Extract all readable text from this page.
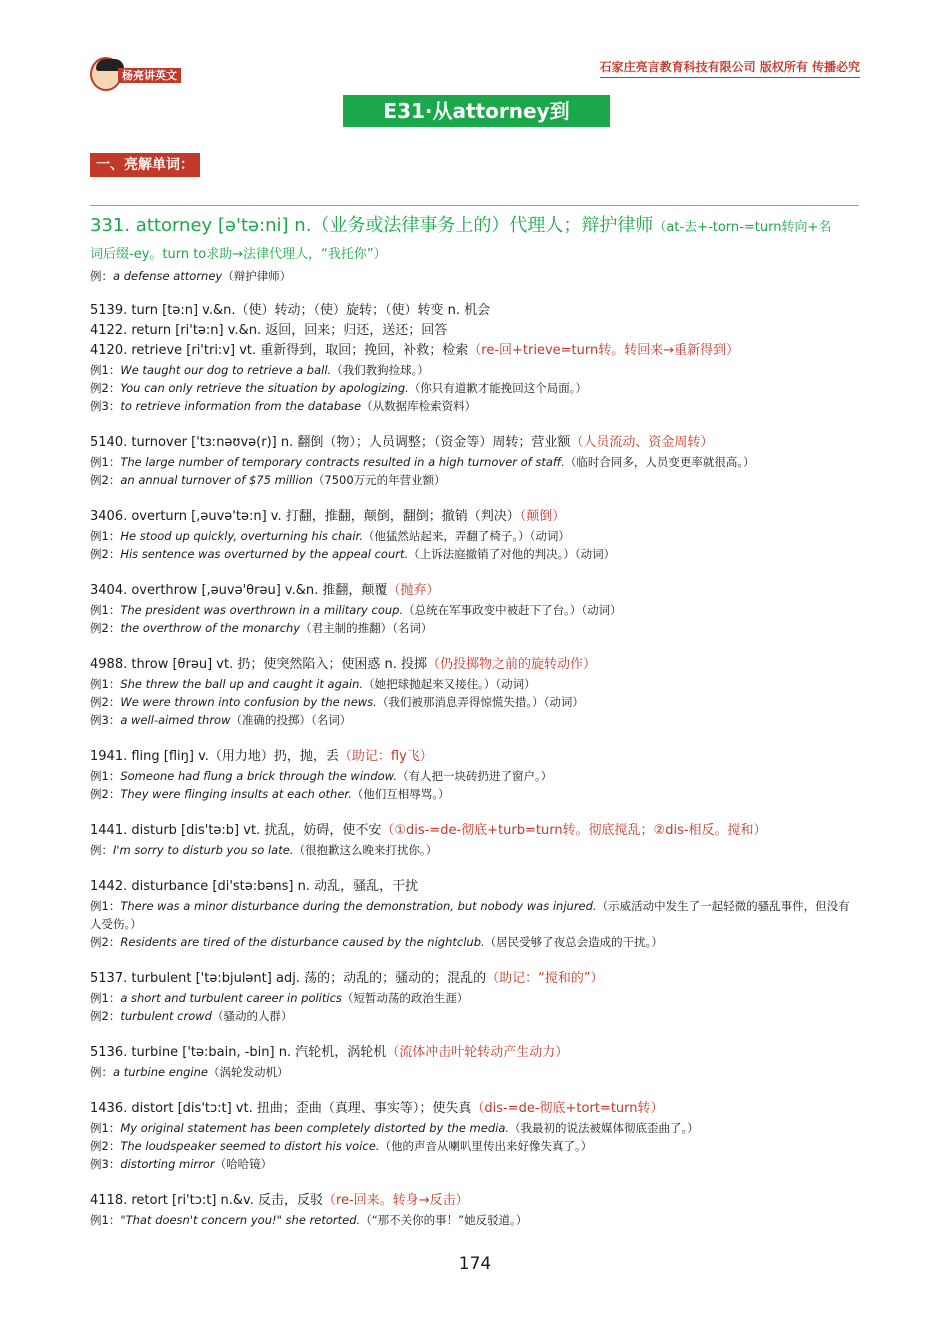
杨亮讲英文
石家庄亮言教育科技有限公司 版权所有 传播必究
E31·从attorney到auction
一、亮解单词：

331. attorney [ə'tə:ni] n.（业务或法律事务上的）代理人；辩护律师（at-去+-torn-=turn转向+名

词后缀-ey。turn to求助→法律代理人，“我托你”）

例：a defense attorney（辩护律师）

5139. turn [tə:n] v.&n.（使）转动；（使）旋转；（使）转变 n. 机会

4122. return [ri'tə:n] v.&n. 返回，回来；归还，送还；回答

4120. retrieve [ri'tri:v] vt. 重新得到，取回；挽回，补救；检索（re-回+trieve=turn转。转回来→重新得到）

例1：We taught our dog to retrieve a ball.（我们教狗捡球。）

例2：You can only retrieve the situation by apologizing.（你只有道歉才能挽回这个局面。）

例3：to retrieve information from the database（从数据库检索资料）

5140. turnover ['tɜːnəʊvə(r)] n. 翻倒（物）；人员调整；（资金等）周转；营业额（人员流动、资金周转）

例1：The large number of temporary contracts resulted in a high turnover of staff.（临时合同多，人员变更率就很高。）

例2：an annual turnover of $75 million（7500万元的年营业额）

3406. overturn [,əuvə'tə:n] v. 打翻，推翻，颠倒，翻倒；撤销（判决）（颠倒）

例1：He stood up quickly, overturning his chair.（他猛然站起来，弄翻了椅子。）（动词）

例2：His sentence was overturned by the appeal court.（上诉法庭撤销了对他的判决。）（动词）

3404. overthrow [,əuvə'θrəu] v.&n. 推翻，颠覆（抛弃）

例1：The president was overthrown in a military coup.（总统在军事政变中被赶下了台。）（动词）

例2：the overthrow of the monarchy（君主制的推翻）（名词）

4988. throw [θrəu] vt. 扔；使突然陷入；使困惑 n. 投掷（仍投掷物之前的旋转动作）

例1：She threw the ball up and caught it again.（她把球抛起来又接住。）（动词）

例2：We were thrown into confusion by the news.（我们被那消息弄得惊慌失措。）（动词）

例3：a well-aimed throw（准确的投掷）（名词）

1941. fling [fliŋ] v.（用力地）扔，抛，丢（助记：fly飞）

例1：Someone had flung a brick through the window.（有人把一块砖扔进了窗户。）

例2：They were flinging insults at each other.（他们互相辱骂。）

1441. disturb [dis'tə:b] vt. 扰乱，妨碍，使不安（①dis-=de-彻底+turb=turn转。彻底搅乱；②dis-相反。搅和）

例：I'm sorry to disturb you so late.（很抱歉这么晚来打扰你。）

1442. disturbance [di'stə:bəns] n. 动乱，骚乱，干扰

例1：There was a minor disturbance during the demonstration, but nobody was injured.（示威活动中发生了一起轻微的骚乱事件，但没有人受伤。）

例2：Residents are tired of the disturbance caused by the nightclub.（居民受够了夜总会造成的干扰。）

5137. turbulent ['tə:bjulənt] adj. 荡的；动乱的；骚动的；混乱的（助记：“搅和的”）

例1：a short and turbulent career in politics（短暂动荡的政治生涯）

例2：turbulent crowd（骚动的人群）

5136. turbine ['tə:bain, -bin] n. 汽轮机，涡轮机（流体冲击叶轮转动产生动力）

例：a turbine engine（涡轮发动机）

1436. distort [dis'tɔ:t] vt. 扭曲；歪曲（真理、事实等）；使失真（dis-=de-彻底+tort=turn转）

例1：My original statement has been completely distorted by the media.（我最初的说法被媒体彻底歪曲了。）

例2：The loudspeaker seemed to distort his voice.（他的声音从喇叭里传出来好像失真了。）

例3：distorting mirror（哈哈镜）

4118. retort [ri'tɔ:t] n.&v. 反击，反驳（re-回来。转身→反击）

例1："That doesn't concern you!" she retorted.（“那不关你的事！”她反驳道。）

174
